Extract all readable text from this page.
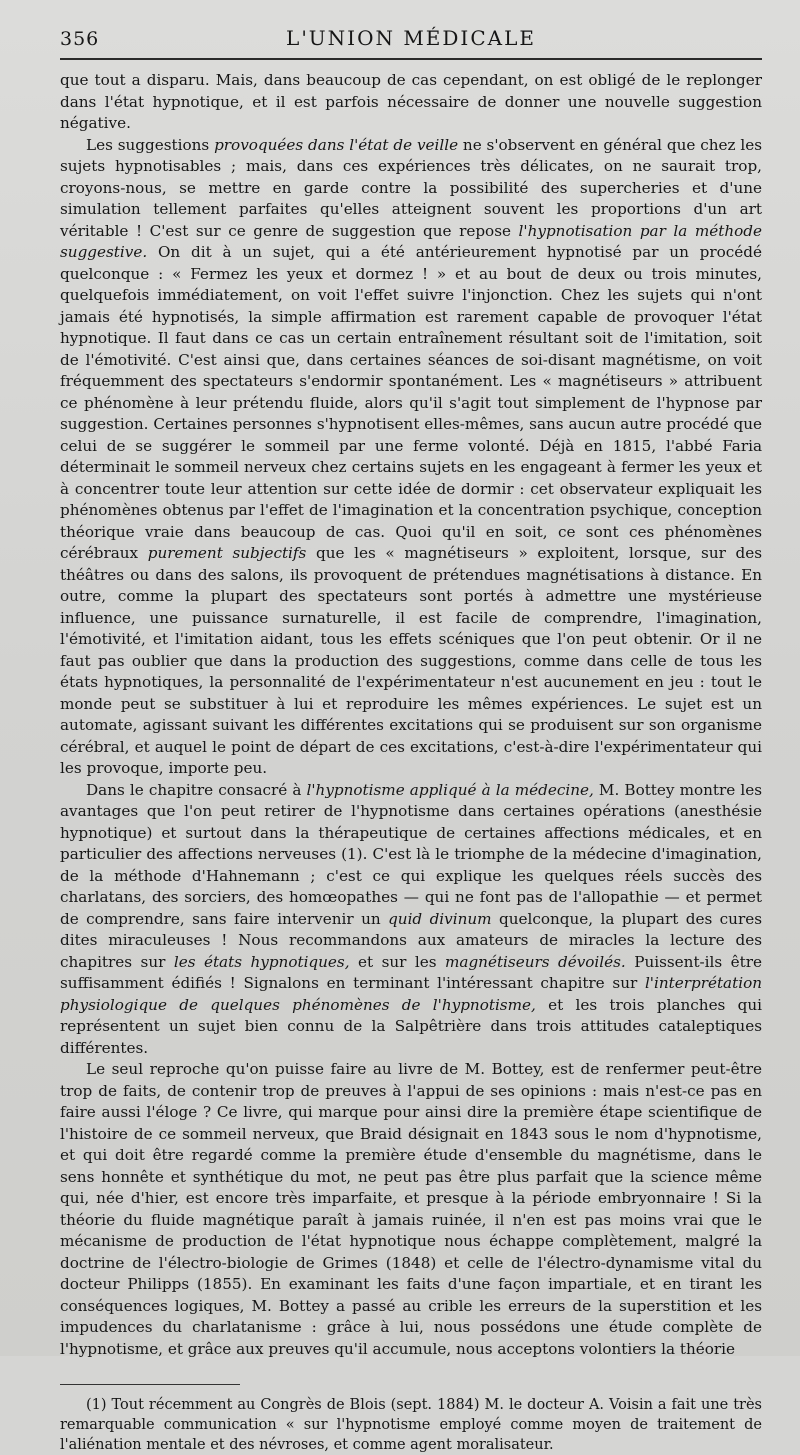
356	L'UNION MÉDICALE

que tout a disparu. Mais, dans beaucoup de cas cependant, on est obligé de le replonger dans l'état hypnotique, et il est parfois nécessaire de donner une nouvelle suggestion négative.

Les suggestions provoquées dans l'état de veille ne s'observent en général que chez les sujets hypnotisables ; mais, dans ces expériences très délicates, on ne saurait trop, croyons-nous, se mettre en garde contre la possibilité des supercheries et d'une simulation tellement parfaites qu'elles atteignent souvent les proportions d'un art véritable ! C'est sur ce genre de suggestion que repose l'hypnotisation par la méthode suggestive. On dit à un sujet, qui a été antérieurement hypnotisé par un procédé quelconque : « Fermez les yeux et dormez ! » et au bout de deux ou trois minutes, quelquefois immédiatement, on voit l'effet suivre l'injonction. Chez les sujets qui n'ont jamais été hypnotisés, la simple affirmation est rarement capable de provoquer l'état hypnotique. Il faut dans ce cas un certain entraînement résultant soit de l'imitation, soit de l'émotivité. C'est ainsi que, dans certaines séances de soi-disant magnétisme, on voit fréquemment des spectateurs s'endormir spontanément. Les « magnétiseurs » attribuent ce phénomène à leur prétendu fluide, alors qu'il s'agit tout simplement de l'hypnose par suggestion. Certaines personnes s'hypnotisent elles-mêmes, sans aucun autre procédé que celui de se suggérer le sommeil par une ferme volonté. Déjà en 1815, l'abbé Faria déterminait le sommeil nerveux chez certains sujets en les engageant à fermer les yeux et à concentrer toute leur attention sur cette idée de dormir : cet observateur expliquait les phénomènes obtenus par l'effet de l'imagination et la concentration psychique, conception théorique vraie dans beaucoup de cas. Quoi qu'il en soit, ce sont ces phénomènes cérébraux purement subjectifs que les « magnétiseurs » exploitent, lorsque, sur des théâtres ou dans des salons, ils provoquent de prétendues magnétisations à distance. En outre, comme la plupart des spectateurs sont portés à admettre une mystérieuse influence, une puissance surnaturelle, il est facile de comprendre, l'imagination, l'émotivité, et l'imitation aidant, tous les effets scéniques que l'on peut obtenir. Or il ne faut pas oublier que dans la production des suggestions, comme dans celle de tous les états hypnotiques, la personnalité de l'expérimentateur n'est aucunement en jeu : tout le monde peut se substituer à lui et reproduire les mêmes expériences. Le sujet est un automate, agissant suivant les différentes excitations qui se produisent sur son organisme cérébral, et auquel le point de départ de ces excitations, c'est-à-dire l'expérimentateur qui les provoque, importe peu.

Dans le chapitre consacré à l'hypnotisme appliqué à la médecine, M. Bottey montre les avantages que l'on peut retirer de l'hypnotisme dans certaines opérations (anesthésie hypnotique) et surtout dans la thérapeutique de certaines affections médicales, et en particulier des affections nerveuses (1). C'est là le triomphe de la médecine d'imagination, de la méthode d'Hahnemann ; c'est ce qui explique les quelques réels succès des charlatans, des sorciers, des homœopathes — qui ne font pas de l'allopathie — et permet de comprendre, sans faire intervenir un quid divinum quelconque, la plupart des cures dites miraculeuses ! Nous recommandons aux amateurs de miracles la lecture des chapitres sur les états hypnotiques, et sur les magnétiseurs dévoilés. Puissent-ils être suffisamment édifiés ! Signalons en terminant l'intéressant chapitre sur l'interprétation physiologique de quelques phénomènes de l'hypnotisme, et les trois planches qui représentent un sujet bien connu de la Salpêtrière dans trois attitudes cataleptiques différentes.

Le seul reproche qu'on puisse faire au livre de M. Bottey, est de renfermer peut-être trop de faits, de contenir trop de preuves à l'appui de ses opinions : mais n'est-ce pas en faire aussi l'éloge ? Ce livre, qui marque pour ainsi dire la première étape scientifique de l'histoire de ce sommeil nerveux, que Braid désignait en 1843 sous le nom d'hypnotisme, et qui doit être regardé comme la première étude d'ensemble du magnétisme, dans le sens honnête et synthétique du mot, ne peut pas être plus parfait que la science même qui, née d'hier, est encore très imparfaite, et presque à la période embryonnaire ! Si la théorie du fluide magnétique paraît à jamais ruinée, il n'en est pas moins vrai que le mécanisme de production de l'état hypnotique nous échappe complètement, malgré la doctrine de l'électro-biologie de Grimes (1848) et celle de l'électro-dynamisme vital du docteur Philipps (1855). En examinant les faits d'une façon impartiale, et en tirant les conséquences logiques, M. Bottey a passé au crible les erreurs de la superstition et les impudences du charlatanisme : grâce à lui, nous possédons une étude complète de l'hypnotisme, et grâce aux preuves qu'il accumule, nous acceptons volontiers la théorie

(1) Tout récemment au Congrès de Blois (sept. 1884) M. le docteur A. Voisin a fait une très remarquable communication « sur l'hypnotisme employé comme moyen de traitement de l'aliénation mentale et des névroses, et comme agent moralisateur.
